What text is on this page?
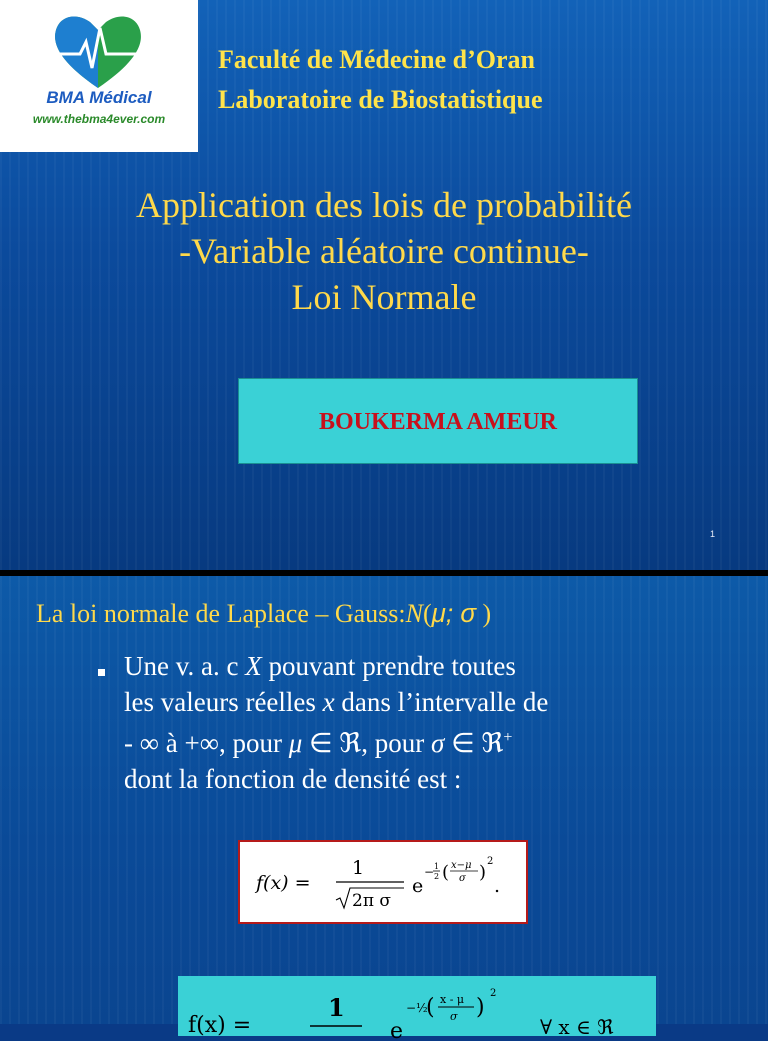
BMA Médical
www.thebma4ever.com
Faculté de Médecine d’Oran
Laboratoire de Biostatistique
Application des lois de probabilité
-Variable aléatoire continue-
Loi Normale
BOUKERMA AMEUR
1
La loi normale de Laplace – Gauss:N(μ; σ )
Une v. a. c X pouvant prendre toutes
les valeurs réelles x dans l’intervalle de
- ∞ à +∞, pour μ ∈ ℜ, pour σ ∈ ℜ+
dont la fonction de densité est :
f(x) =
1
2π σ
e
− 1
2 ( x−μ
σ )
2
.
f(x) =
1
e
−½
( x - μ
σ )
2
∀ x ∈ ℜ
